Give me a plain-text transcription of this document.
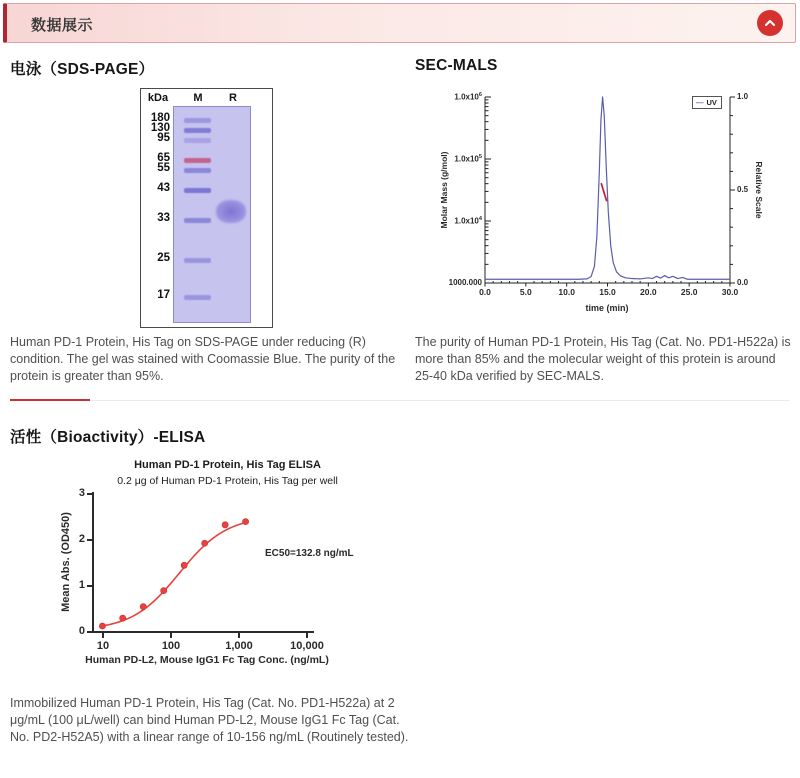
数据展示
电泳（SDS-PAGE）
kDa	M	R
180
130
95
65
55
43
33
25
17
Human PD-1 Protein, His Tag on SDS-PAGE under reducing (R) condition. The gel was stained with Coomassie Blue. The purity of the protein is greater than 95%.
SEC-MALS
0.0	5.0	10.0	15.0	20.0	25.0	30.0
$1.0x10^6$
$1.0x10^5$
$1.0x10^4$
1000.000
1.0
0.5
0.0
Molar Mass (g/mol)	Relative Scale
time (min)
— UV
The purity of Human PD-1 Protein, His Tag (Cat. No. PD1-H522a) is more than 85% and the molecular weight of this protein is around 25-40 kDa verified by SEC-MALS.
活性（Bioactivity）-ELISA
Human PD-1 Protein, His Tag ELISA
0.2 μg of Human PD-1 Protein, His Tag per well
0
1
2
3
10	100	1,000	10,000
Mean Abs. (OD450)
Human PD-L2, Mouse IgG1 Fc Tag Conc. (ng/mL)
EC50=132.8 ng/mL
Immobilized Human PD-1 Protein, His Tag (Cat. No. PD1-H522a) at 2 μg/mL (100 μL/well) can bind Human PD-L2, Mouse IgG1 Fc Tag (Cat. No. PD2-H52A5) with a linear range of 10-156 ng/mL (Routinely tested).
